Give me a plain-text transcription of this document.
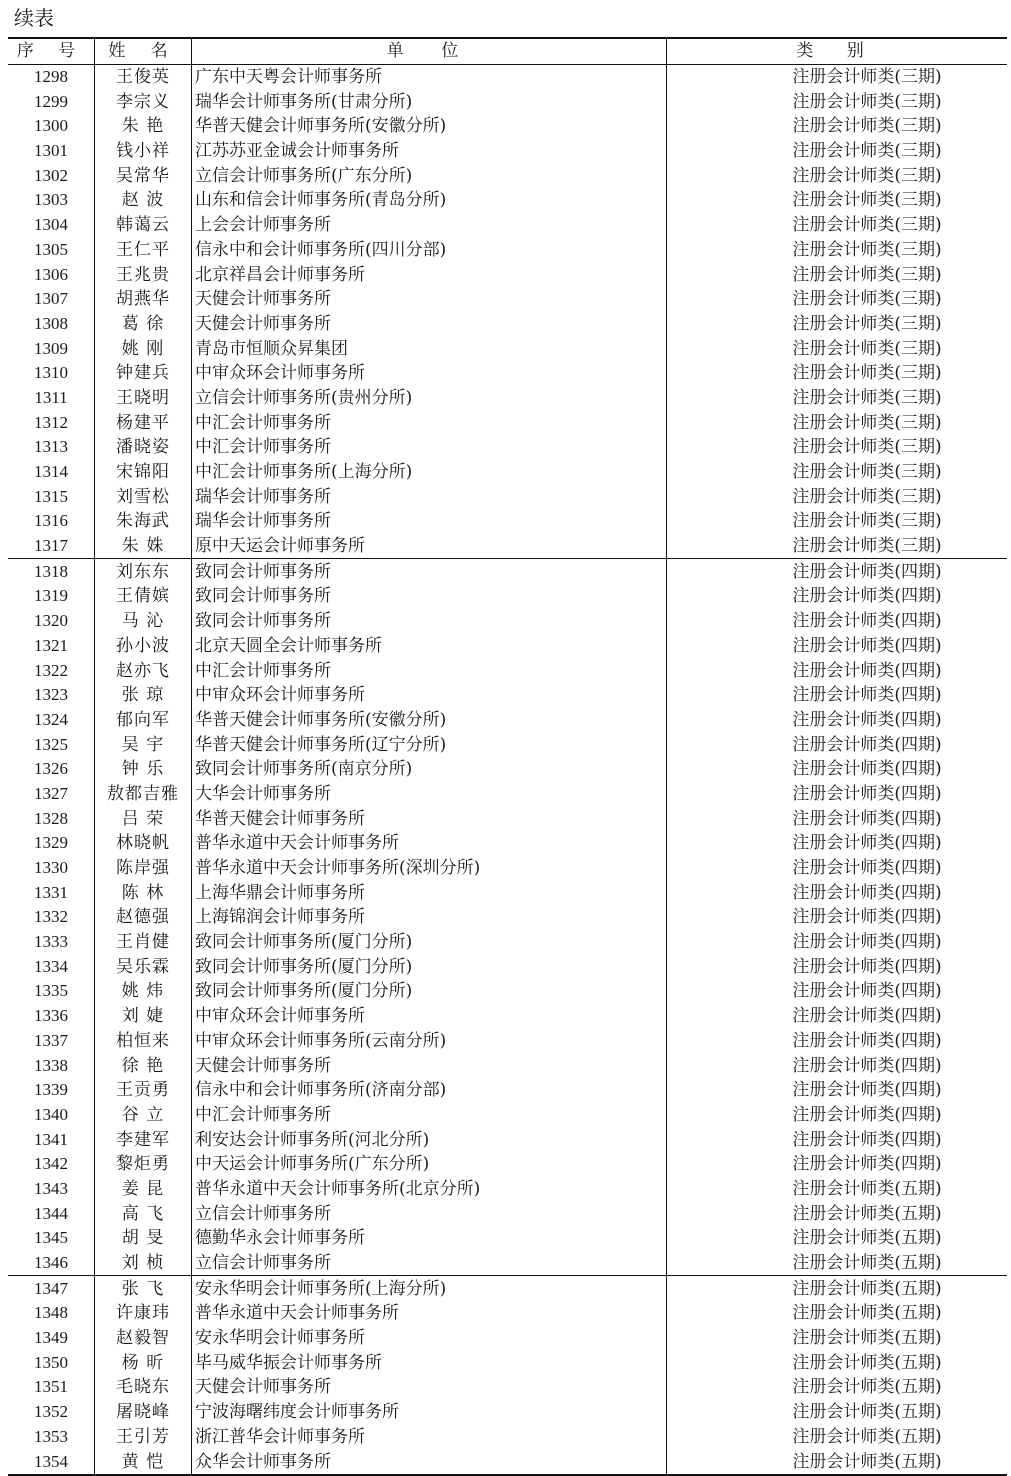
续表
序 号	姓 名	单 位	类 别
1298	王俊英	广东中天粤会计师事务所	注册会计师类(三期)
1299	李宗义	瑞华会计师事务所(甘肃分所)	注册会计师类(三期)
1300	朱 艳	华普天健会计师事务所(安徽分所)	注册会计师类(三期)
1301	钱小祥	江苏苏亚金诚会计师事务所	注册会计师类(三期)
1302	吴常华	立信会计师事务所(广东分所)	注册会计师类(三期)
1303	赵 波	山东和信会计师事务所(青岛分所)	注册会计师类(三期)
1304	韩蔼云	上会会计师事务所	注册会计师类(三期)
1305	王仁平	信永中和会计师事务所(四川分部)	注册会计师类(三期)
1306	王兆贵	北京祥昌会计师事务所	注册会计师类(三期)
1307	胡燕华	天健会计师事务所	注册会计师类(三期)
1308	葛 徐	天健会计师事务所	注册会计师类(三期)
1309	姚 刚	青岛市恒顺众昇集团	注册会计师类(三期)
1310	钟建兵	中审众环会计师事务所	注册会计师类(三期)
1311	王晓明	立信会计师事务所(贵州分所)	注册会计师类(三期)
1312	杨建平	中汇会计师事务所	注册会计师类(三期)
1313	潘晓姿	中汇会计师事务所	注册会计师类(三期)
1314	宋锦阳	中汇会计师事务所(上海分所)	注册会计师类(三期)
1315	刘雪松	瑞华会计师事务所	注册会计师类(三期)
1316	朱海武	瑞华会计师事务所	注册会计师类(三期)
1317	朱 姝	原中天运会计师事务所	注册会计师类(三期)
1318	刘东东	致同会计师事务所	注册会计师类(四期)
1319	王倩嫔	致同会计师事务所	注册会计师类(四期)
1320	马 沁	致同会计师事务所	注册会计师类(四期)
1321	孙小波	北京天圆全会计师事务所	注册会计师类(四期)
1322	赵亦飞	中汇会计师事务所	注册会计师类(四期)
1323	张 琼	中审众环会计师事务所	注册会计师类(四期)
1324	郁向军	华普天健会计师事务所(安徽分所)	注册会计师类(四期)
1325	吴 宇	华普天健会计师事务所(辽宁分所)	注册会计师类(四期)
1326	钟 乐	致同会计师事务所(南京分所)	注册会计师类(四期)
1327	敖都吉雅	大华会计师事务所	注册会计师类(四期)
1328	吕 荣	华普天健会计师事务所	注册会计师类(四期)
1329	林晓帆	普华永道中天会计师事务所	注册会计师类(四期)
1330	陈岸强	普华永道中天会计师事务所(深圳分所)	注册会计师类(四期)
1331	陈 林	上海华鼎会计师事务所	注册会计师类(四期)
1332	赵德强	上海锦润会计师事务所	注册会计师类(四期)
1333	王肖健	致同会计师事务所(厦门分所)	注册会计师类(四期)
1334	吴乐霖	致同会计师事务所(厦门分所)	注册会计师类(四期)
1335	姚 炜	致同会计师事务所(厦门分所)	注册会计师类(四期)
1336	刘 婕	中审众环会计师事务所	注册会计师类(四期)
1337	柏恒来	中审众环会计师事务所(云南分所)	注册会计师类(四期)
1338	徐 艳	天健会计师事务所	注册会计师类(四期)
1339	王贡勇	信永中和会计师事务所(济南分部)	注册会计师类(四期)
1340	谷 立	中汇会计师事务所	注册会计师类(四期)
1341	李建军	利安达会计师事务所(河北分所)	注册会计师类(四期)
1342	黎炬勇	中天运会计师事务所(广东分所)	注册会计师类(四期)
1343	姜 昆	普华永道中天会计师事务所(北京分所)	注册会计师类(五期)
1344	高 飞	立信会计师事务所	注册会计师类(五期)
1345	胡 旻	德勤华永会计师事务所	注册会计师类(五期)
1346	刘 桢	立信会计师事务所	注册会计师类(五期)
1347	张 飞	安永华明会计师事务所(上海分所)	注册会计师类(五期)
1348	许康玮	普华永道中天会计师事务所	注册会计师类(五期)
1349	赵毅智	安永华明会计师事务所	注册会计师类(五期)
1350	杨 昕	毕马威华振会计师事务所	注册会计师类(五期)
1351	毛晓东	天健会计师事务所	注册会计师类(五期)
1352	屠晓峰	宁波海曙纬度会计师事务所	注册会计师类(五期)
1353	王引芳	浙江普华会计师事务所	注册会计师类(五期)
1354	黄 恺	众华会计师事务所	注册会计师类(五期)
